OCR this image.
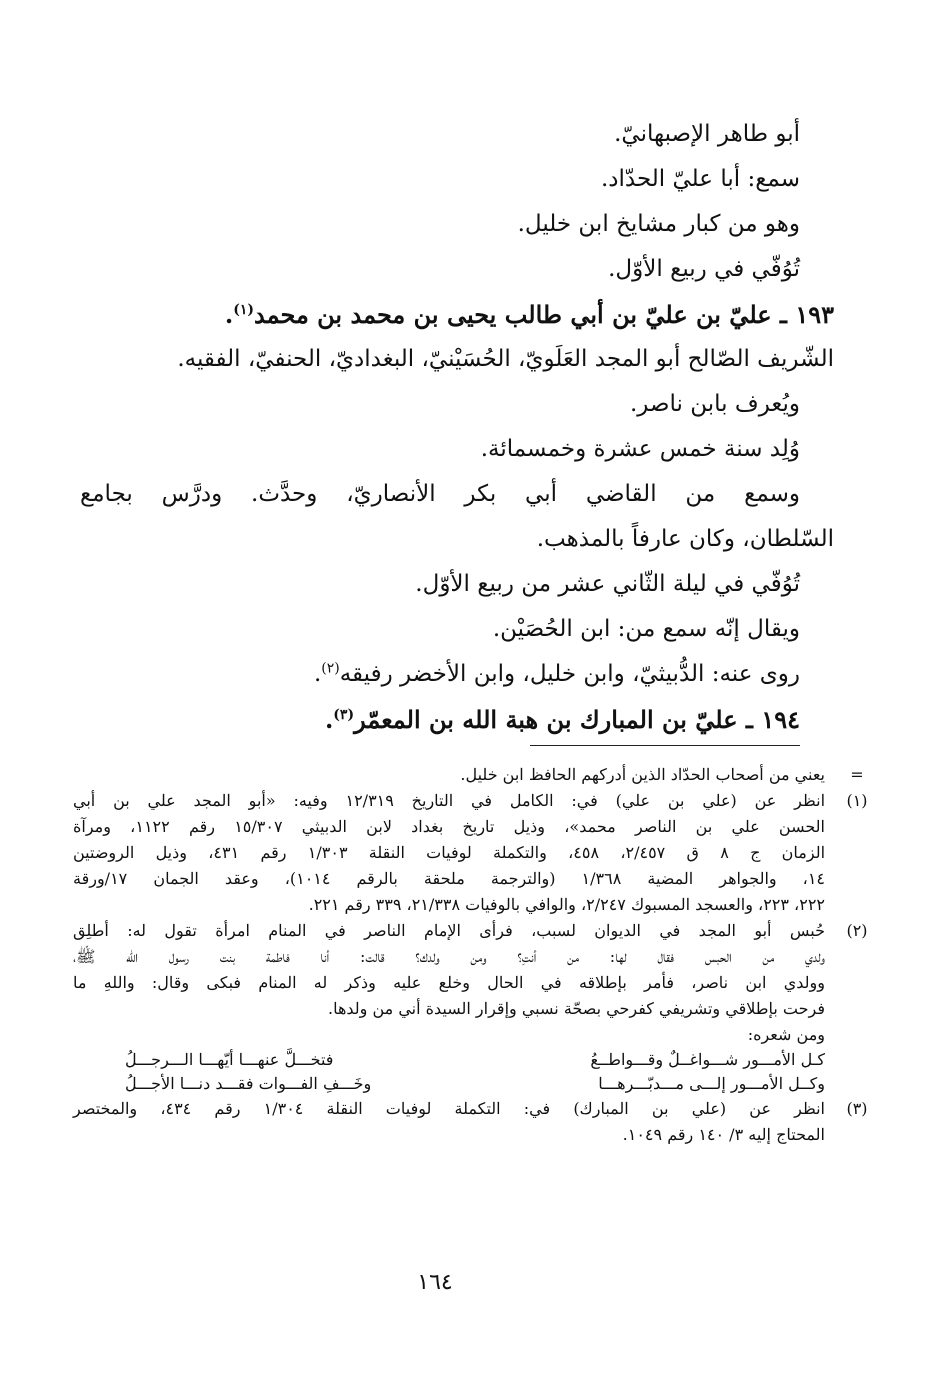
أبو طاهر الإصبهانيّ.
سمع: أبا عليّ الحدّاد.
وهو من كبار مشايخ ابن خليل.
تُوُفّي في ربيع الأوّل.
١٩٣ ـ عليّ بن عليّ بن أبي طالب يحيى بن محمد بن محمد$^{(١)}$.
الشّريف الصّالح أبو المجد العَلَويّ، الحُسَيْنيّ، البغداديّ، الحنفيّ، الفقيه.
ويُعرف بابن ناصر.
وُلِد سنة خمس عشرة وخمسمائة.
وسمع من القاضي أبي بكر الأنصاريّ، وحدَّث. ودرَّس بجامع
السّلطان، وكان عارفاً بالمذهب.
تُوُفّي في ليلة الثّاني عشر من ربيع الأوّل.
ويقال إنّه سمع من: ابن الحُصَيْن.
روى عنه: الدُّبيثيّ، وابن خليل، وابن الأخضر رفيقه$^{(٢)}$.
١٩٤ ـ عليّ بن المبارك بن هبة الله بن المعمّر$^{(٣)}$.
=
يعني من أصحاب الحدّاد الذين أدركهم الحافظ ابن خليل.
(١)
انظر عن (علي بن علي) في: الكامل في التاريخ ١٢/٣١٩ وفيه: «أبو المجد علي بن أبي
الحسن علي بن الناصر محمد»، وذيل تاريخ بغداد لابن الدبيثي ١٥/٣٠٧ رقم ١١٢٢، ومرآة
الزمان ج ٨ ق ٢/٤٥٧، ٤٥٨، والتكملة لوفيات النقلة ١/٣٠٣ رقم ٤٣١، وذيل الروضتين
١٤، والجواهر المضية ١/٣٦٨ (والترجمة ملحقة بالرقم ١٠١٤)، وعقد الجمان ١٧/ورقة
٢٢٢، ٢٢٣، والعسجد المسبوك ٢/٢٤٧، والوافي بالوفيات ٢١/٣٣٨، ٣٣٩ رقم ٢٢١.
(٢)
حُبس أبو المجد في الديوان لسبب، فرأى الإمام الناصر في المنام امرأة تقول له: أطلِق
ولدي من الحبس فقال لها: من أنتِ؟ ومن ولدك؟ قالت: أنا فاطمة بنت رسول الله ﷺ،
وولدي ابن ناصر، فأمر بإطلاقه في الحال وخلع عليه وذكر له المنام فبكى وقال: واللهِ ما
فرحت بإطلاقي وتشريفي كفرحي بصحّة نسبي وإقرار السيدة أني من ولدها.
ومن شعره:
كـل الأمـــور شـــواغــلٌ وقـــواطــعُ
فتخـــلَّ عنهـــا أيّهـــا الـــرجـــلُ
وكــل الأمـــور إلـــى مـــدبّـــرهـــا
وخَـــفِ الفـــوات فقـــد دنـــا الأجـــلُ
(٣)
انظر عن (علي بن المبارك) في: التكملة لوفيات النقلة ١/٣٠٤ رقم ٤٣٤، والمختصر
المحتاج إليه ٣/ ١٤٠ رقم ١٠٤٩.
١٦٤
